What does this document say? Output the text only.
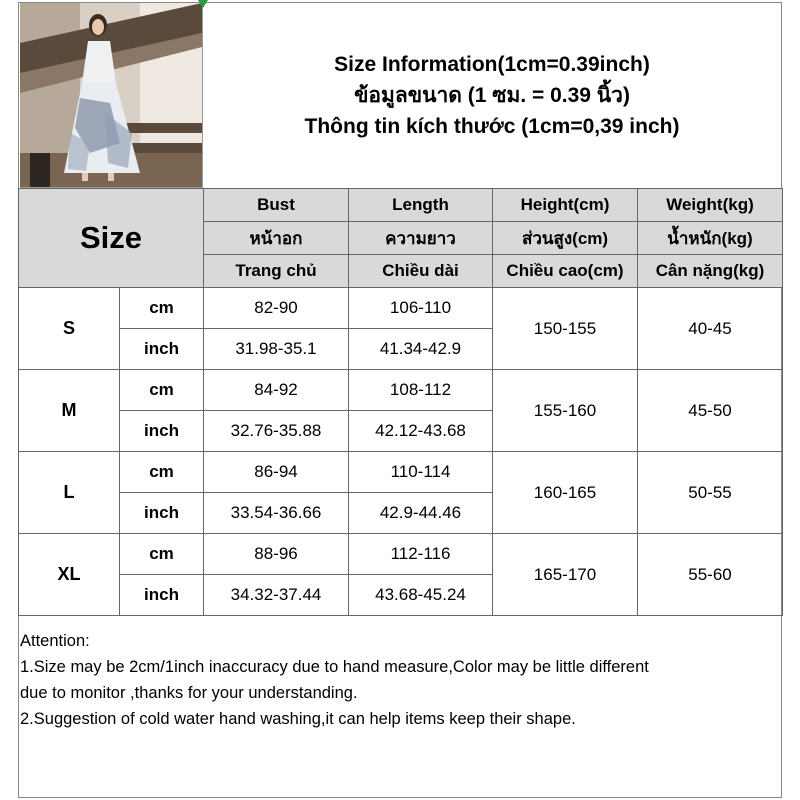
Size Information(1cm=0.39inch)
ข้อมูลขนาด (1 ซม. = 0.39 นิ้ว)
Thông tin kích thước (1cm=0,39 inch)
Size		Bust	Length	Height(cm)	Weight(kg)
		หน้าอก	ความยาว	ส่วนสูง(cm)	น้ำหนัก(kg)
		Trang chủ	Chiều dài	Chiều cao(cm)	Cân nặng(kg)
S	cm	82-90	106-110	150-155	40-45
	inch	31.98-35.1	41.34-42.9		
M	cm	84-92	108-112	155-160	45-50
	inch	32.76-35.88	42.12-43.68		
L	cm	86-94	110-114	160-165	50-55
	inch	33.54-36.66	42.9-44.46		
XL	cm	88-96	112-116	165-170	55-60
	inch	34.32-37.44	43.68-45.24		
Attention:
1.Size may be 2cm/1inch inaccuracy due to hand measure,Color may be little different
due to monitor ,thanks for your understanding.
2.Suggestion of cold water hand washing,it can help items keep their shape.
